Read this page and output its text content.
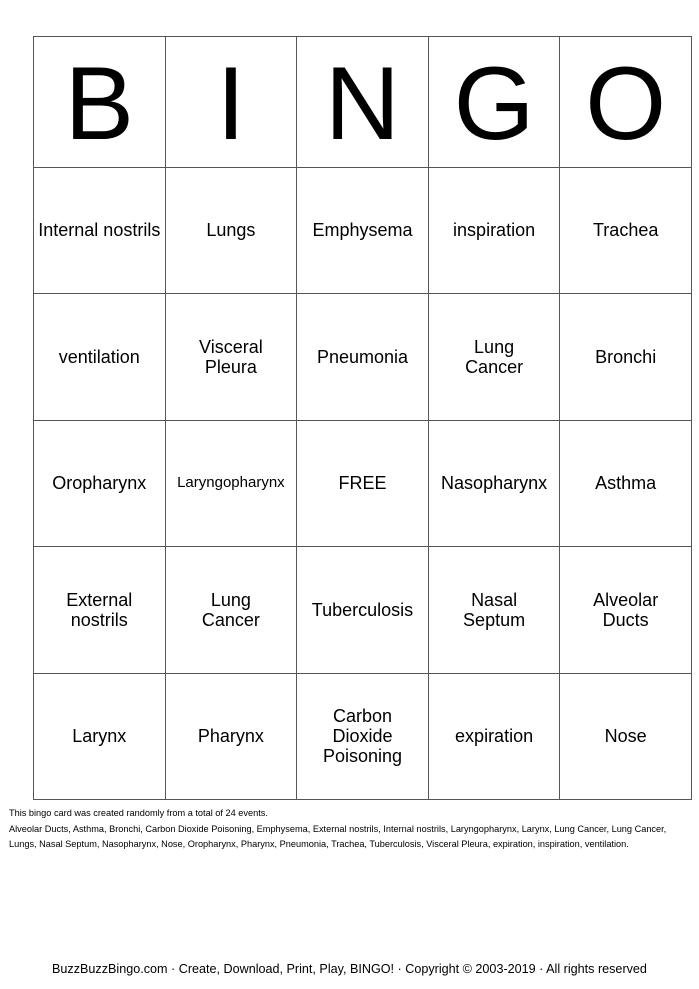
B	I	N	G	O
Internal nostrils	Lungs	Emphysema	inspiration	Trachea
ventilation	Visceral Pleura	Pneumonia	Lung Cancer	Bronchi
Oropharynx	Laryngopharynx	FREE	Nasopharynx	Asthma
External nostrils	Lung Cancer	Tuberculosis	Nasal Septum	Alveolar Ducts
Larynx	Pharynx	Carbon Dioxide Poisoning	expiration	Nose

This bingo card was created randomly from a total of 24 events.

Alveolar Ducts, Asthma, Bronchi, Carbon Dioxide Poisoning, Emphysema, External nostrils, Internal nostrils, Laryngopharynx, Larynx, Lung Cancer, Lung Cancer, Lungs, Nasal Septum, Nasopharynx, Nose, Oropharynx, Pharynx, Pneumonia, Trachea, Tuberculosis, Visceral Pleura, expiration, inspiration, ventilation.

BuzzBuzzBingo.com · Create, Download, Print, Play, BINGO! · Copyright © 2003-2019 · All rights reserved
